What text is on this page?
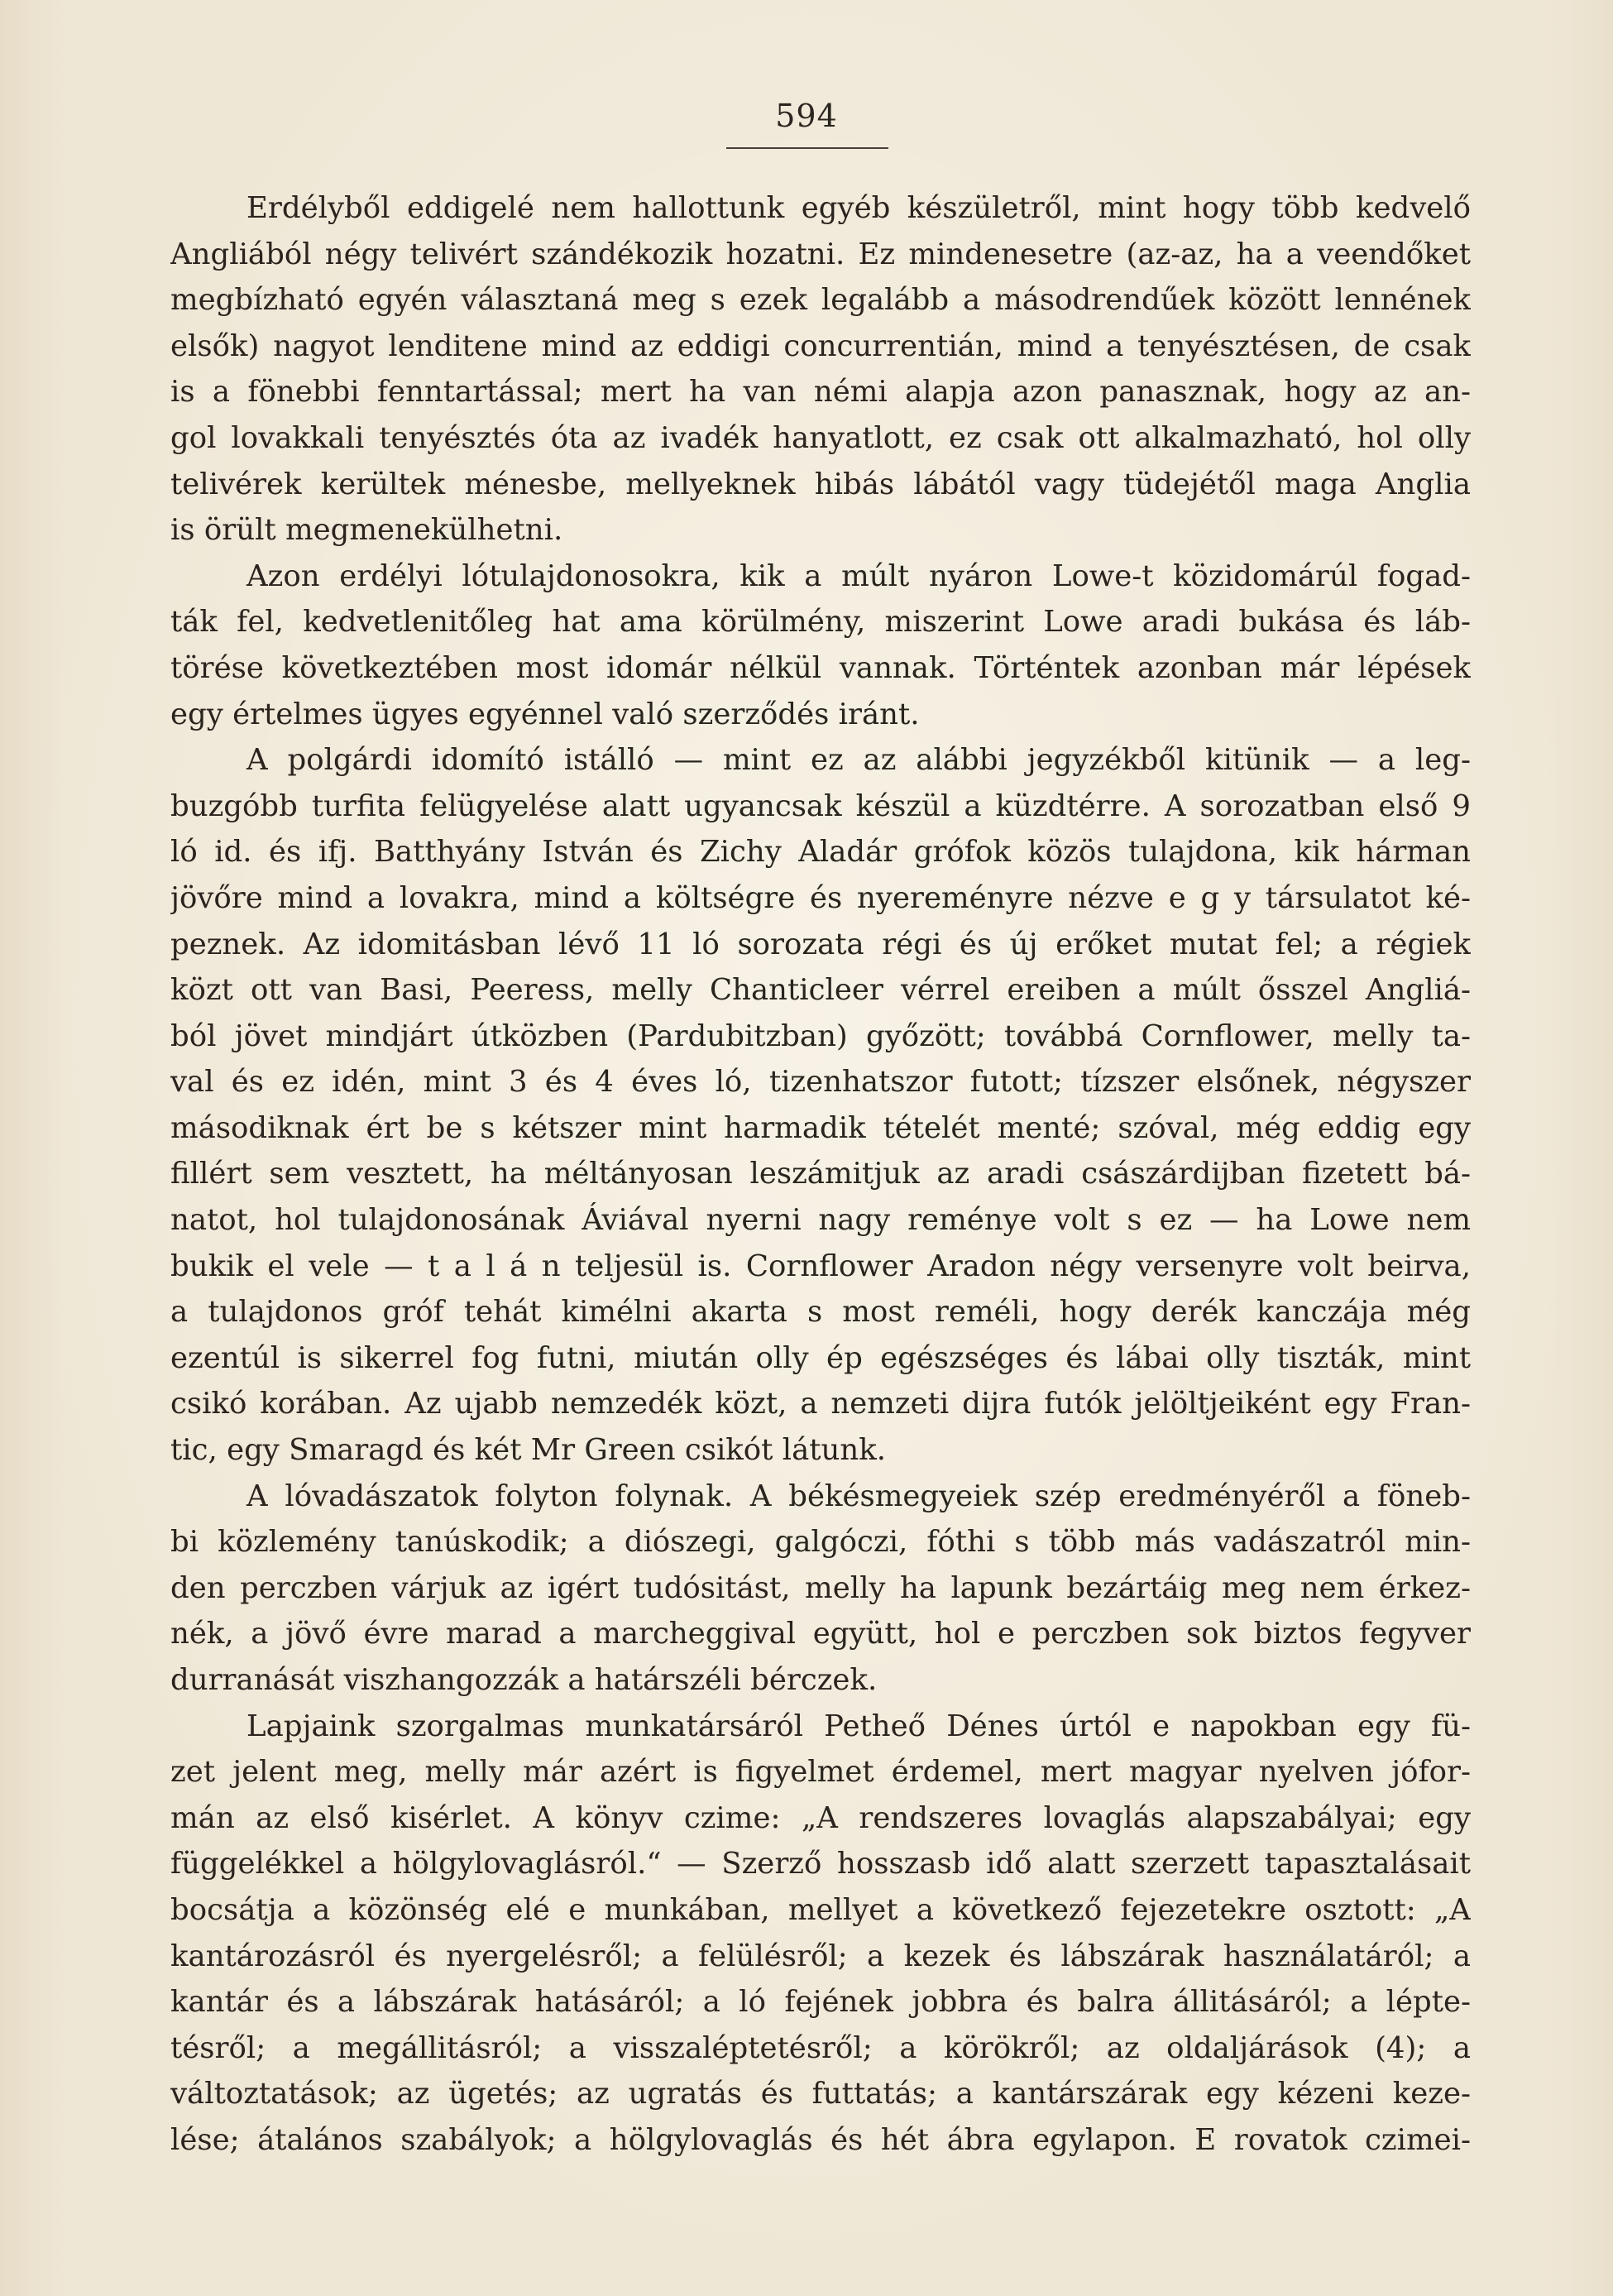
594

Erdélyből eddigelé nem hallottunk egyéb készületről, mint hogy több kedvelő
Angliából négy telivért szándékozik hozatni. Ez mindenesetre (az-az, ha a veendőket
megbízható egyén választaná meg s ezek legalább a másodrendűek között lennének
elsők) nagyot lenditene mind az eddigi concurrentián, mind a tenyésztésen, de csak
is a fönebbi fenntartással; mert ha van némi alapja azon panasznak, hogy az an-
gol lovakkali tenyésztés óta az ivadék hanyatlott, ez csak ott alkalmazható, hol olly
telivérek kerültek ménesbe, mellyeknek hibás lábától vagy tüdejétől maga Anglia
is örült megmenekülhetni.

Azon erdélyi lótulajdonosokra, kik a múlt nyáron Lowe-t közidomárúl fogad-
ták fel, kedvetlenitőleg hat ama körülmény, miszerint Lowe aradi bukása és láb-
törése következtében most idomár nélkül vannak. Történtek azonban már lépések
egy értelmes ügyes egyénnel való szerződés iránt.

A polgárdi idomító istálló — mint ez az alábbi jegyzékből kitünik — a leg-
buzgóbb turfita felügyelése alatt ugyancsak készül a küzdtérre. A sorozatban első 9
ló id. és ifj. Batthyány István és Zichy Aladár grófok közös tulajdona, kik hárman
jövőre mind a lovakra, mind a költségre és nyereményre nézve e g y társulatot ké-
peznek. Az idomitásban lévő 11 ló sorozata régi és új erőket mutat fel; a régiek
közt ott van Basi, Peeress, melly Chanticleer vérrel ereiben a múlt ősszel Angliá-
ból jövet mindjárt útközben (Pardubitzban) győzött; továbbá Cornflower, melly ta-
val és ez idén, mint 3 és 4 éves ló, tizenhatszor futott; tízszer elsőnek, négyszer
másodiknak ért be s kétszer mint harmadik tételét menté; szóval, még eddig egy
fillért sem vesztett, ha méltányosan leszámitjuk az aradi császárdijban fizetett bá-
natot, hol tulajdonosának Áviával nyerni nagy reménye volt s ez — ha Lowe nem
bukik el vele — t a l á n teljesül is. Cornflower Aradon négy versenyre volt beirva,
a tulajdonos gróf tehát kimélni akarta s most reméli, hogy derék kanczája még
ezentúl is sikerrel fog futni, miután olly ép egészséges és lábai olly tiszták, mint
csikó korában. Az ujabb nemzedék közt, a nemzeti dijra futók jelöltjeiként egy Fran-
tic, egy Smaragd és két Mr Green csikót látunk.

A lóvadászatok folyton folynak. A békésmegyeiek szép eredményéről a föneb-
bi közlemény tanúskodik; a diószegi, galgóczi, fóthi s több más vadászatról min-
den perczben várjuk az igért tudósitást, melly ha lapunk bezártáig meg nem érkez-
nék, a jövő évre marad a marcheggival együtt, hol e perczben sok biztos fegyver
durranását viszhangozzák a határszéli bérczek.

Lapjaink szorgalmas munkatársáról Petheő Dénes úrtól e napokban egy fü-
zet jelent meg, melly már azért is figyelmet érdemel, mert magyar nyelven jófor-
mán az első kisérlet. A könyv czime: „A rendszeres lovaglás alapszabályai; egy
függelékkel a hölgylovaglásról.“ — Szerző hosszasb idő alatt szerzett tapasztalásait
bocsátja a közönség elé e munkában, mellyet a következő fejezetekre osztott: „A
kantározásról és nyergelésről; a felülésről; a kezek és lábszárak használatáról; a
kantár és a lábszárak hatásáról; a ló fejének jobbra és balra állitásáról; a lépte-
tésről; a megállitásról; a visszaléptetésről; a körökről; az oldaljárások (4); a
változtatások; az ügetés; az ugratás és futtatás; a kantárszárak egy kézeni keze-
lése; átalános szabályok; a hölgylovaglás és hét ábra egylapon. E rovatok czimei-
